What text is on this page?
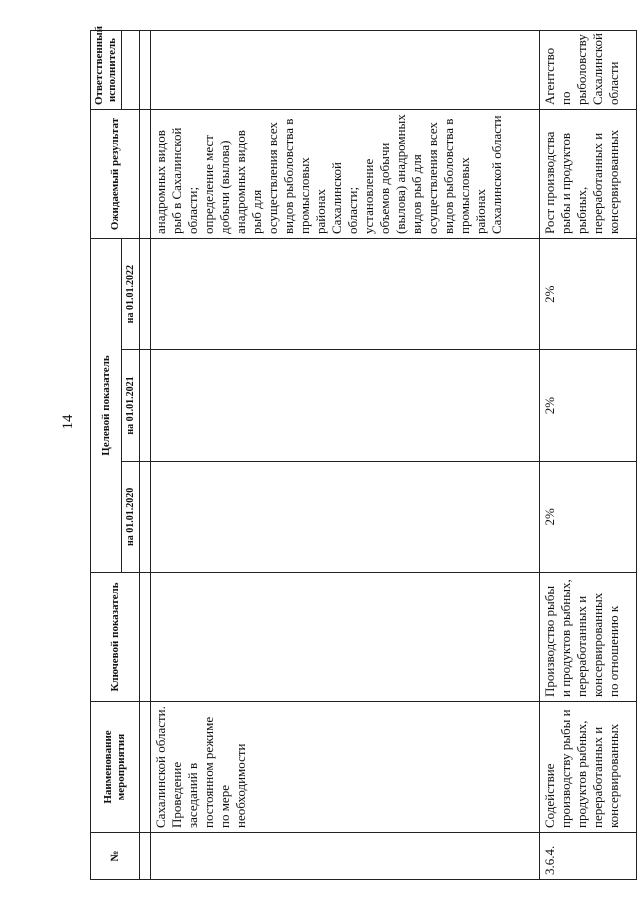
14
№	Наименование мероприятия	Ключевой показатель	Целевой показатель			Ожидаемый результат	Ответственный исполнитель
			на 01.01.2020	на 01.01.2021	на 01.01.2022		

	Сахалинской области. Проведение заседаний в постоянном режиме по мере необходимости					анадромных видов рыб в Сахалинской области; определение мест добычи (вылова) анадромных видов рыб для осуществления всех видов рыболовства в промысловых районах Сахалинской области; установление объемов добычи (вылова) анадромных видов рыб для осуществления всех видов рыболовства в промысловых районах Сахалинской области	
3.6.4.	Содействие производству рыбы и продуктов рыбных, переработанных и консервированных	Производство рыбы и продуктов рыбных, переработанных и консервированных по отношению к	2%	2%	2%	Рост производства рыбы и продуктов рыбных, переработанных и консервированных	Агентство по рыболовству Сахалинской области
